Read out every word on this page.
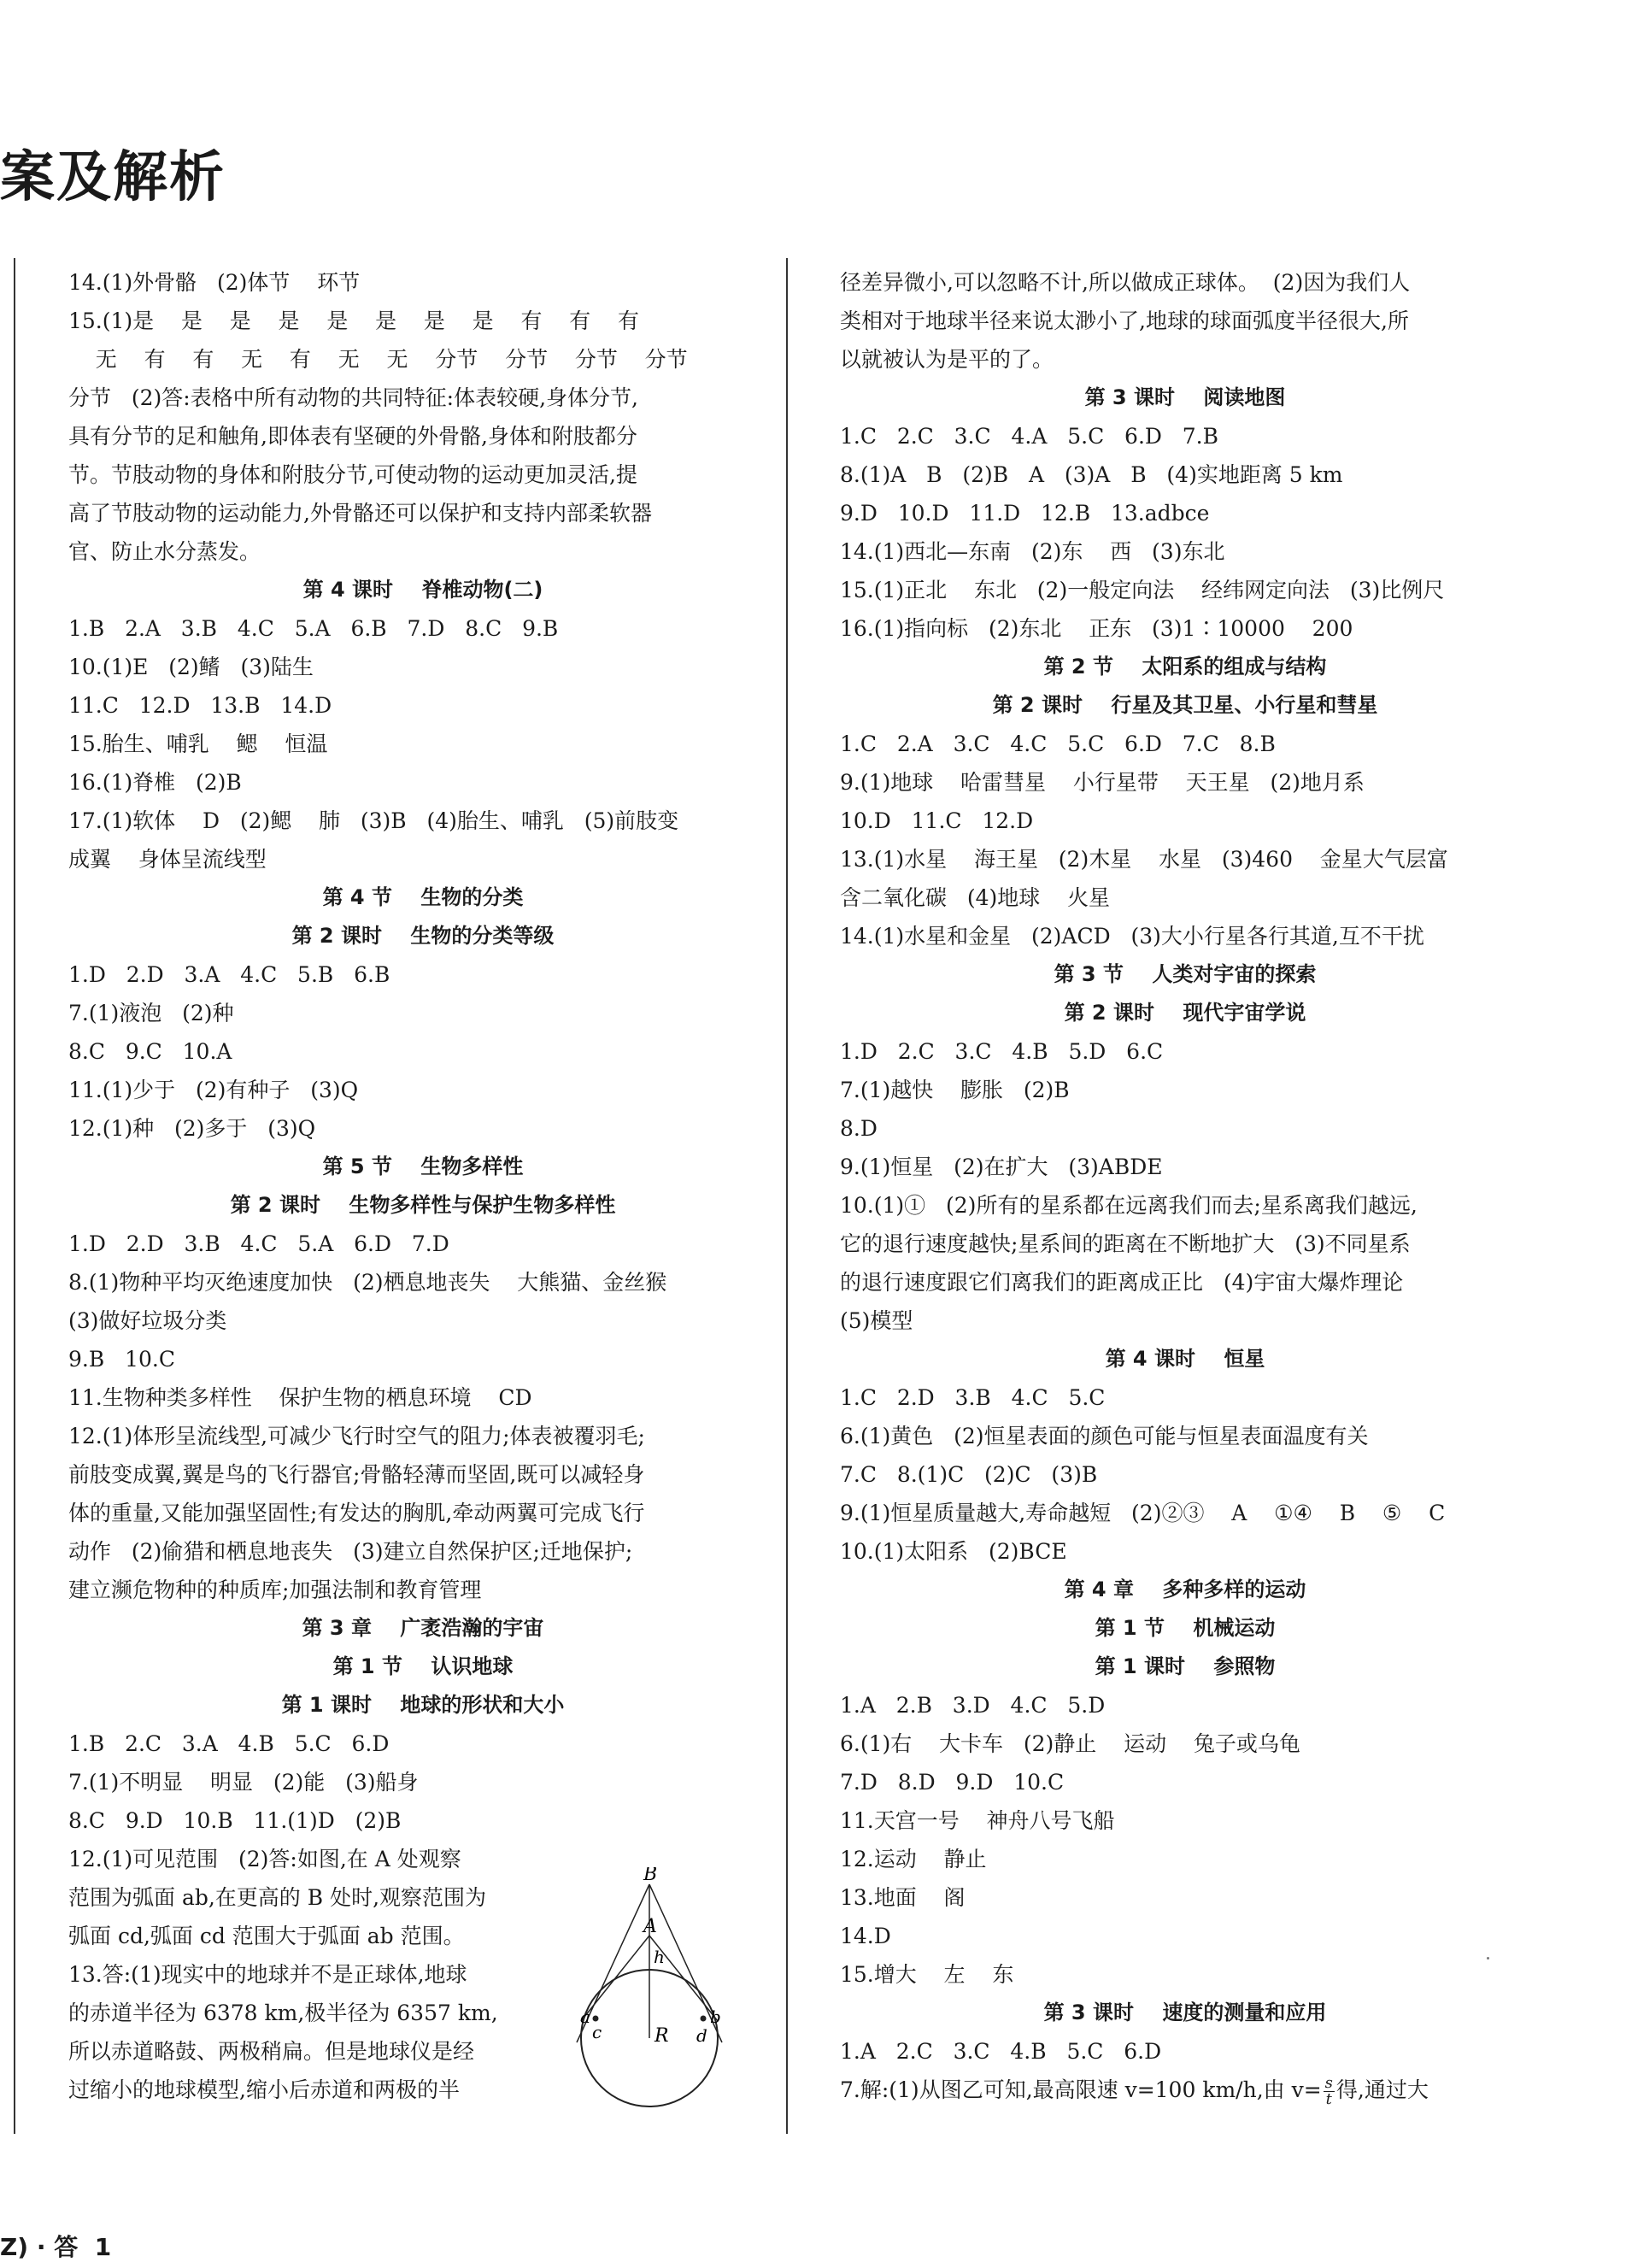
案及解析
14.(1)外骨骼   (2)体节    环节
15.(1)是    是    是    是    是    是    是    是    有    有    有
无    有    有    无    有    无    无    分节    分节    分节    分节
分节   (2)答:表格中所有动物的共同特征:体表较硬,身体分节,
具有分节的足和触角,即体表有坚硬的外骨骼,身体和附肢都分
节。节肢动物的身体和附肢分节,可使动物的运动更加灵活,提
高了节肢动物的运动能力,外骨骼还可以保护和支持内部柔软器
官、防止水分蒸发。
第 4 课时    脊椎动物(二)
1.B   2.A   3.B   4.C   5.A   6.B   7.D   8.C   9.B
10.(1)E   (2)鳍   (3)陆生
11.C   12.D   13.B   14.D
15.胎生、哺乳    鳃    恒温
16.(1)脊椎   (2)B
17.(1)软体    D   (2)鳃    肺   (3)B   (4)胎生、哺乳   (5)前肢变
成翼    身体呈流线型
第 4 节    生物的分类
第 2 课时    生物的分类等级
1.D   2.D   3.A   4.C   5.B   6.B
7.(1)液泡   (2)种
8.C   9.C   10.A
11.(1)少于   (2)有种子   (3)Q
12.(1)种   (2)多于   (3)Q
第 5 节    生物多样性
第 2 课时    生物多样性与保护生物多样性
1.D   2.D   3.B   4.C   5.A   6.D   7.D
8.(1)物种平均灭绝速度加快   (2)栖息地丧失    大熊猫、金丝猴
(3)做好垃圾分类
9.B   10.C
11.生物种类多样性    保护生物的栖息环境    CD
12.(1)体形呈流线型,可减少飞行时空气的阻力;体表被覆羽毛;
前肢变成翼,翼是鸟的飞行器官;骨骼轻薄而坚固,既可以减轻身
体的重量,又能加强坚固性;有发达的胸肌,牵动两翼可完成飞行
动作   (2)偷猎和栖息地丧失   (3)建立自然保护区;迁地保护;
建立濒危物种的种质库;加强法制和教育管理
第 3 章    广袤浩瀚的宇宙
第 1 节    认识地球
第 1 课时    地球的形状和大小
1.B   2.C   3.A   4.B   5.C   6.D
7.(1)不明显    明显   (2)能   (3)船身
8.C   9.D   10.B   11.(1)D   (2)B
12.(1)可见范围   (2)答:如图,在 A 处观察
范围为弧面 ab,在更高的 B 处时,观察范围为
弧面 cd,弧面 cd 范围大于弧面 ab 范围。
13.答:(1)现实中的地球并不是正球体,地球
的赤道半径为 6378 km,极半径为 6357 km,
所以赤道略鼓、两极稍扁。但是地球仪是经
过缩小的地球模型,缩小后赤道和两极的半
径差异微小,可以忽略不计,所以做成正球体。  (2)因为我们人
类相对于地球半径来说太渺小了,地球的球面弧度半径很大,所
以就被认为是平的了。
第 3 课时    阅读地图
1.C   2.C   3.C   4.A   5.C   6.D   7.B
8.(1)A   B   (2)B   A   (3)A   B   (4)实地距离 5 km
9.D   10.D   11.D   12.B   13.adbce
14.(1)西北—东南   (2)东    西   (3)东北
15.(1)正北    东北   (2)一般定向法    经纬网定向法   (3)比例尺
16.(1)指向标   (2)东北    正东   (3)1∶10000    200
第 2 节    太阳系的组成与结构
第 2 课时    行星及其卫星、小行星和彗星
1.C   2.A   3.C   4.C   5.C   6.D   7.C   8.B
9.(1)地球    哈雷彗星    小行星带    天王星   (2)地月系
10.D   11.C   12.D
13.(1)水星    海王星   (2)木星    水星   (3)460    金星大气层富
含二氧化碳   (4)地球    火星
14.(1)水星和金星   (2)ACD   (3)大小行星各行其道,互不干扰
第 3 节    人类对宇宙的探索
第 2 课时    现代宇宙学说
1.D   2.C   3.C   4.B   5.D   6.C
7.(1)越快    膨胀   (2)B
8.D
9.(1)恒星   (2)在扩大   (3)ABDE
10.(1)①   (2)所有的星系都在远离我们而去;星系离我们越远,
它的退行速度越快;星系间的距离在不断地扩大   (3)不同星系
的退行速度跟它们离我们的距离成正比   (4)宇宙大爆炸理论
(5)模型
第 4 课时    恒星
1.C   2.D   3.B   4.C   5.C
6.(1)黄色   (2)恒星表面的颜色可能与恒星表面温度有关
7.C   8.(1)C   (2)C   (3)B
9.(1)恒星质量越大,寿命越短   (2)②③    A    ①④    B    ⑤    C
10.(1)太阳系   (2)BCE
第 4 章    多种多样的运动
第 1 节    机械运动
第 1 课时    参照物
1.A   2.B   3.D   4.C   5.D
6.(1)右    大卡车   (2)静止    运动    兔子或乌龟
7.D   8.D   9.D   10.C
11.天宫一号    神舟八号飞船
12.运动    静止
13.地面    阁
14.D
15.增大    左    东
第 3 课时    速度的测量和应用
1.A   2.C   3.C   4.B   5.C   6.D
7.解:(1)从图乙可知,最高限速 v=100 km/h,由 $v= \frac{s}{t}$ 得,通过大
B
A
h
R
a	b
c	d
Z) · 答  1
